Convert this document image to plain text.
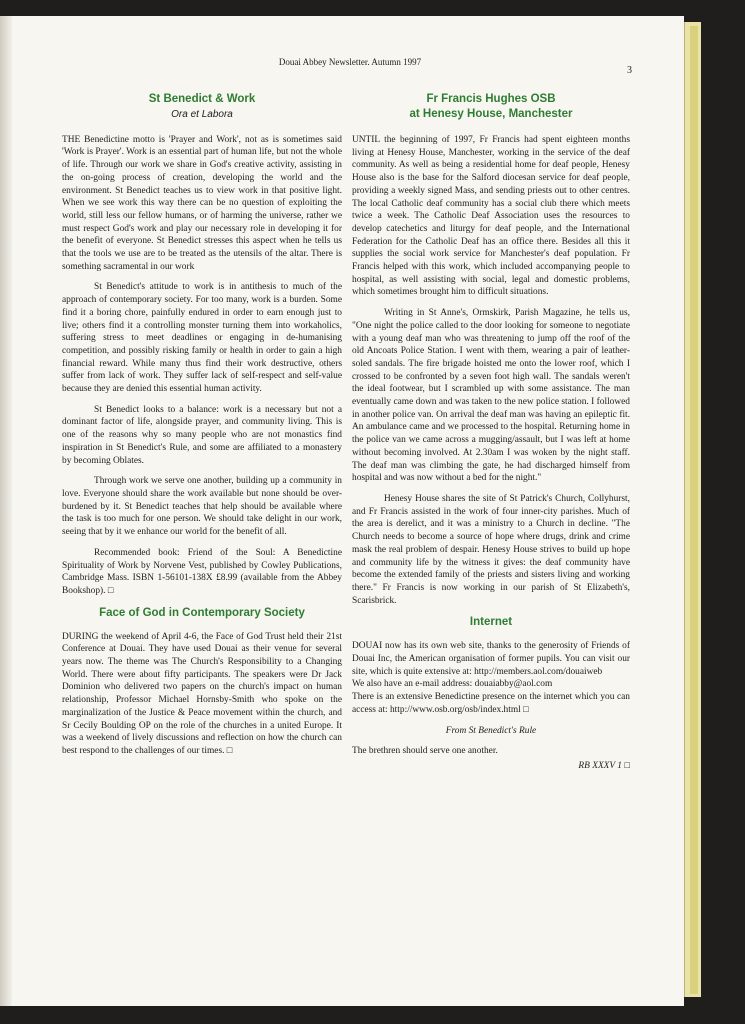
Douai Abbey Newsletter. Autumn 1997
3
St Benedict & Work
Ora et Labora

THE Benedictine motto is 'Prayer and Work', not as is sometimes said 'Work is Prayer'. Work is an essential part of human life, but not the whole of life. Through our work we share in God's creative activity, assisting in the on-going process of creation, developing the world and the environment. St Benedict teaches us to view work in that positive light. When we see work this way there can be no question of exploiting the world, still less our fellow humans, or of harming the universe, rather we must respect God's work and play our necessary role in developing it for the benefit of everyone. St Benedict stresses this aspect when he tells us that the tools we use are to be treated as the utensils of the altar. There is something sacramental in our work

St Benedict's attitude to work is in antithesis to much of the approach of contemporary society. For too many, work is a burden. Some find it a boring chore, painfully endured in order to earn enough just to live; others find it a controlling monster turning them into workaholics, suffering stress to meet deadlines or engaging in de-humanising competition, and possibly risking family or health in order to gain a high financial reward. While many thus find their work destructive, others suffer from lack of work. They suffer lack of self-respect and self-value because they are denied this essential human activity.

St Benedict looks to a balance: work is a necessary but not a dominant factor of life, alongside prayer, and community living. This is one of the reasons why so many people who are not monastics find inspiration in St Benedict's Rule, and some are affiliated to a monastery by becoming Oblates.

Through work we serve one another, building up a community in love. Everyone should share the work available but none should be over-burdened by it. St Benedict teaches that help should be available where the task is too much for one person. We should take delight in our work, seeing that by it we enhance our world for the benefit of all.

Recommended book: Friend of the Soul: A Benedictine Spirituality of Work by Norvene Vest, published by Cowley Publications, Cambridge Mass. ISBN 1-56101-138X £8.99 (available from the Abbey Bookshop). □

Face of God in Contemporary Society

DURING the weekend of April 4-6, the Face of God Trust held their 21st Conference at Douai. They have used Douai as their venue for several years now. The theme was The Church's Responsibility to a Changing World. There were about fifty participants. The speakers were Dr Jack Dominion who delivered two papers on the church's impact on human relationship, Professor Michael Hornsby-Smith who spoke on the marginalization of the Justice & Peace movement within the church, and Sr Cecily Boulding OP on the role of the churches in a united Europe. It was a weekend of lively discussions and reflection on how the church can best respond to the challenges of our times. □

Fr Francis Hughes OSB
at Henesy House, Manchester

UNTIL the beginning of 1997, Fr Francis had spent eighteen months living at Henesy House, Manchester, working in the service of the deaf community. As well as being a residential home for deaf people, Henesy House also is the base for the Salford diocesan service for deaf people, providing a weekly signed Mass, and sending priests out to other centres. The local Catholic deaf community has a social club there which meets twice a week. The Catholic Deaf Association uses the resources to develop catechetics and liturgy for deaf people, and the International Federation for the Catholic Deaf has an office there. Besides all this it supplies the social work service for Manchester's deaf population. Fr Francis helped with this work, which included accompanying people to hospital, as well assisting with social, legal and domestic problems, which sometimes brought him to difficult situations.

Writing in St Anne's, Ormskirk, Parish Magazine, he tells us, "One night the police called to the door looking for someone to negotiate with a young deaf man who was threatening to jump off the roof of the old Ancoats Police Station. I went with them, wearing a pair of leather-soled sandals. The fire brigade hoisted me onto the lower roof, which I crossed to be confronted by a seven foot high wall. The sandals weren't the ideal footwear, but I scrambled up with some assistance. The man eventually came down and was taken to the new police station. I followed in another police van. On arrival the deaf man was having an epileptic fit. An ambulance came and we processed to the hospital. Returning home in the police van we came across a mugging/assault, but I was left at home without becoming involved. At 2.30am I was woken by the night staff. The deaf man was climbing the gate, he had discharged himself from hospital and was now without a bed for the night."

Henesy House shares the site of St Patrick's Church, Collyhurst, and Fr Francis assisted in the work of four inner-city parishes. Much of the area is derelict, and it was a ministry to a Church in decline. "The Church needs to become a source of hope where drugs, drink and crime mask the real problem of despair. Henesy House strives to build up hope and community life by the witness it gives: the deaf community have become the extended family of the priests and sisters living and working there." Fr Francis is now working in our parish of St Elizabeth's, Scarisbrick.

Internet

DOUAI now has its own web site, thanks to the generosity of Friends of Douai Inc, the American organisation of former pupils. You can visit our site, which is quite extensive at: http://members.aol.com/douaiweb

We also have an e-mail address: douaiabby@aol.com

There is an extensive Benedictine presence on the internet which you can access at: http://www.osb.org/osb/index.html □

From St Benedict's Rule

The brethren should serve one another.

RB XXXV 1 □
